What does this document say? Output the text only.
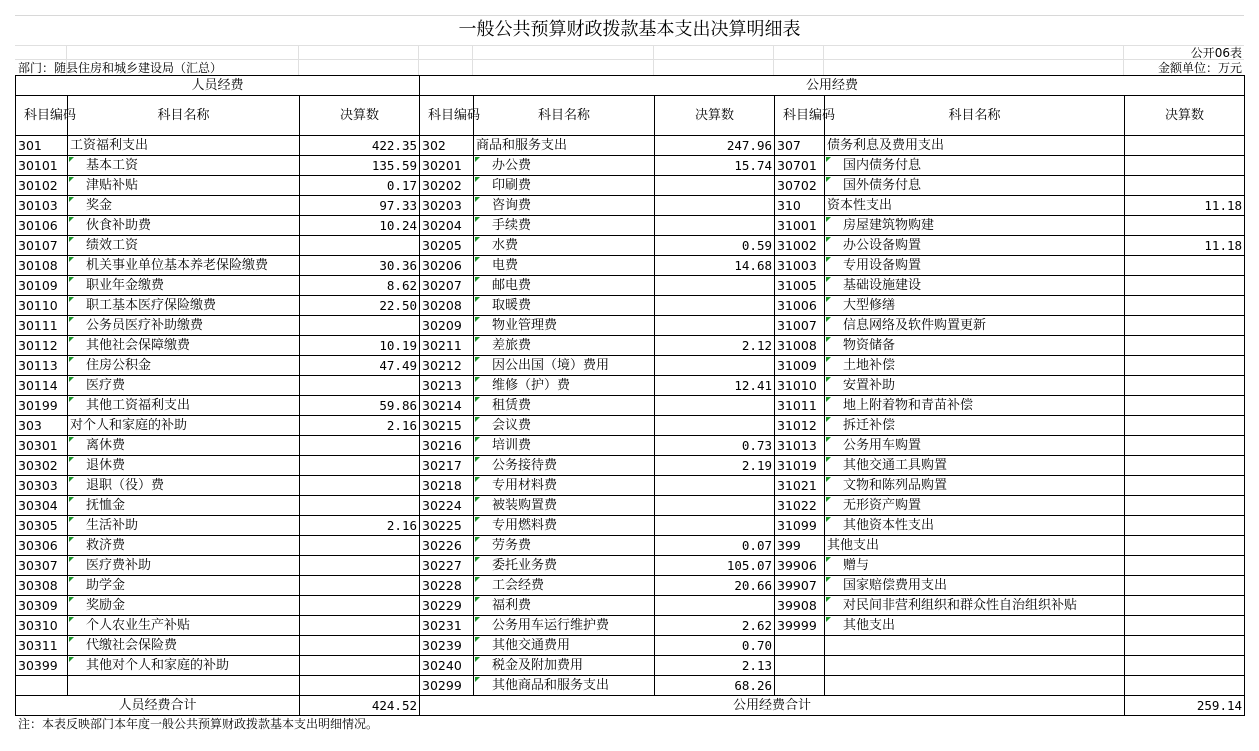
一般公共预算财政拨款基本支出决算明细表
公开06表
部门：随县住房和城乡建设局（汇总）	金额单位：万元
人员经费			公用经费					
科目编码	科目名称	决算数	科目编码	科目名称	决算数	科目编码	科目名称	决算数
301	工资福利支出	422.35	302	商品和服务支出	247.96	307	债务利息及费用支出	
30101	基本工资	135.59	30201	办公费	15.74	30701	国内债务付息	
30102	津贴补贴	0.17	30202	印刷费		30702	国外债务付息	
30103	奖金	97.33	30203	咨询费		310	资本性支出	11.18
30106	伙食补助费	10.24	30204	手续费		31001	房屋建筑物购建	
30107	绩效工资		30205	水费	0.59	31002	办公设备购置	11.18
30108	机关事业单位基本养老保险缴费	30.36	30206	电费	14.68	31003	专用设备购置	
30109	职业年金缴费	8.62	30207	邮电费		31005	基础设施建设	
30110	职工基本医疗保险缴费	22.50	30208	取暖费		31006	大型修缮	
30111	公务员医疗补助缴费		30209	物业管理费		31007	信息网络及软件购置更新	
30112	其他社会保障缴费	10.19	30211	差旅费	2.12	31008	物资储备	
30113	住房公积金	47.49	30212	因公出国（境）费用		31009	土地补偿	
30114	医疗费		30213	维修（护）费	12.41	31010	安置补助	
30199	其他工资福利支出	59.86	30214	租赁费		31011	地上附着物和青苗补偿	
303	对个人和家庭的补助	2.16	30215	会议费		31012	拆迁补偿	
30301	离休费		30216	培训费	0.73	31013	公务用车购置	
30302	退休费		30217	公务接待费	2.19	31019	其他交通工具购置	
30303	退职（役）费		30218	专用材料费		31021	文物和陈列品购置	
30304	抚恤金		30224	被装购置费		31022	无形资产购置	
30305	生活补助	2.16	30225	专用燃料费		31099	其他资本性支出	
30306	救济费		30226	劳务费	0.07	399	其他支出	
30307	医疗费补助		30227	委托业务费	105.07	39906	赠与	
30308	助学金		30228	工会经费	20.66	39907	国家赔偿费用支出	
30309	奖励金		30229	福利费		39908	对民间非营利组织和群众性自治组织补贴	
30310	个人农业生产补贴		30231	公务用车运行维护费	2.62	39999	其他支出	
30311	代缴社会保险费		30239	其他交通费用	0.70			
30399	其他对个人和家庭的补助		30240	税金及附加费用	2.13			
			30299	其他商品和服务支出	68.26			
人员经费合计		424.52	公用经费合计					259.14
注：本表反映部门本年度一般公共预算财政拨款基本支出明细情况。
